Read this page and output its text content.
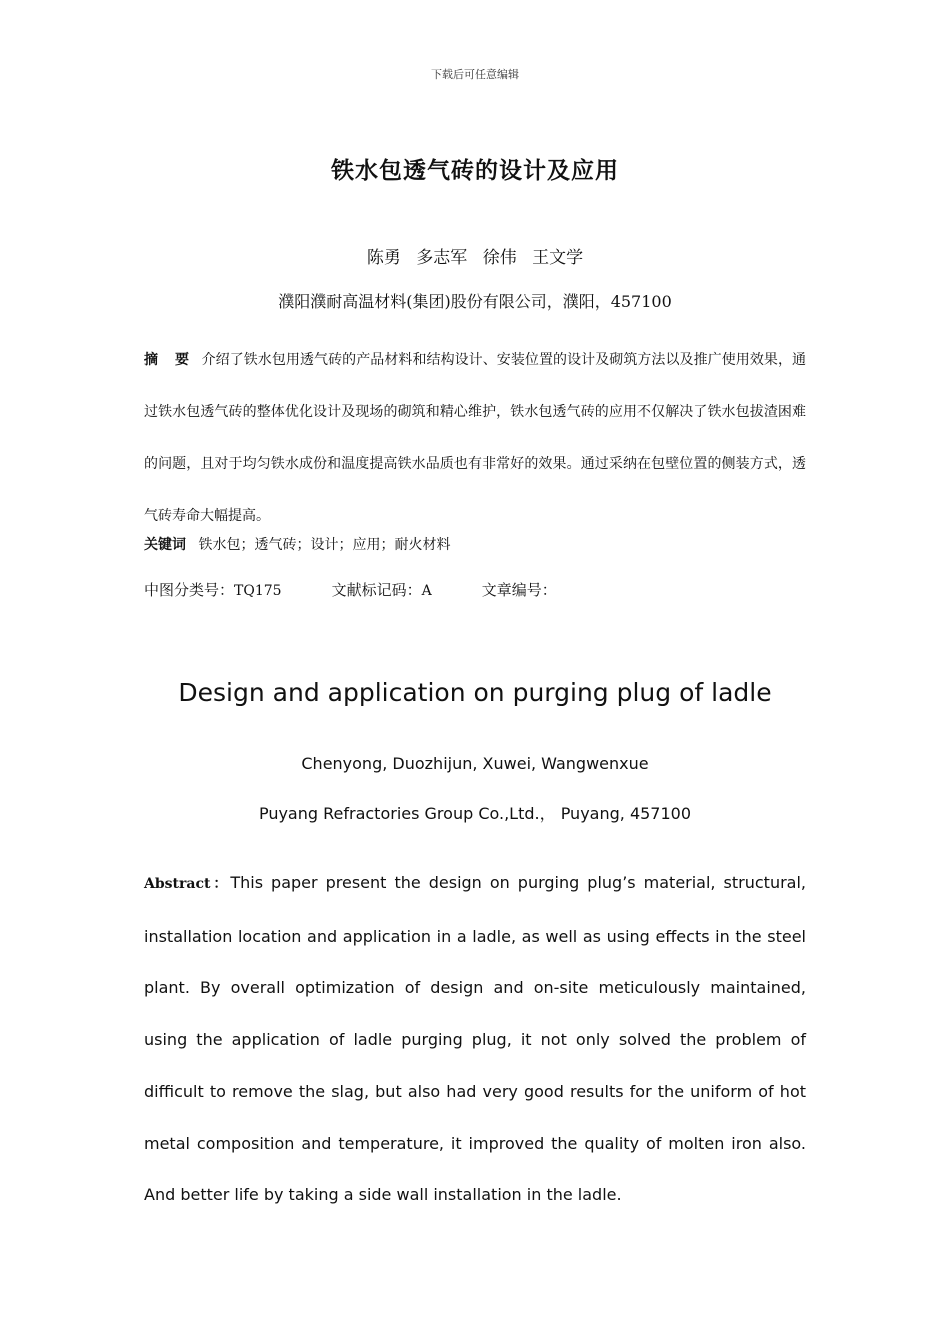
下载后可任意编辑
铁水包透气砖的设计及应用
陈勇 多志军 徐伟 王文学
濮阳濮耐高温材料(集团)股份有限公司，濮阳，457100

摘 要 介绍了铁水包用透气砖的产品材料和结构设计、安装位置的设计及砌筑方法以及推广使用效果，通过铁水包透气砖的整体优化设计及现场的砌筑和精心维护，铁水包透气砖的应用不仅解决了铁水包拔渣困难的问题，且对于均匀铁水成份和温度提高铁水品质也有非常好的效果。通过采纳在包壁位置的侧装方式，透气砖寿命大幅提高。

关键词 铁水包；透气砖；设计；应用；耐火材料
中图分类号：TQ175	文献标记码：A	文章编号：
Design and application on purging plug of ladle
Chenyong, Duozhijun, Xuwei, Wangwenxue
Puyang Refractories Group Co.,Ltd.， Puyang, 457100

Abstract：This paper present the design on purging plug’s material, structural, installation location and application in a ladle, as well as using effects in the steel plant. By overall optimization of design and on-site meticulously maintained, using the application of ladle purging plug, it not only solved the problem of difficult to remove the slag, but also had very good results for the uniform of hot metal composition and temperature, it improved the quality of molten iron also. And better life by taking a side wall installation in the ladle.
